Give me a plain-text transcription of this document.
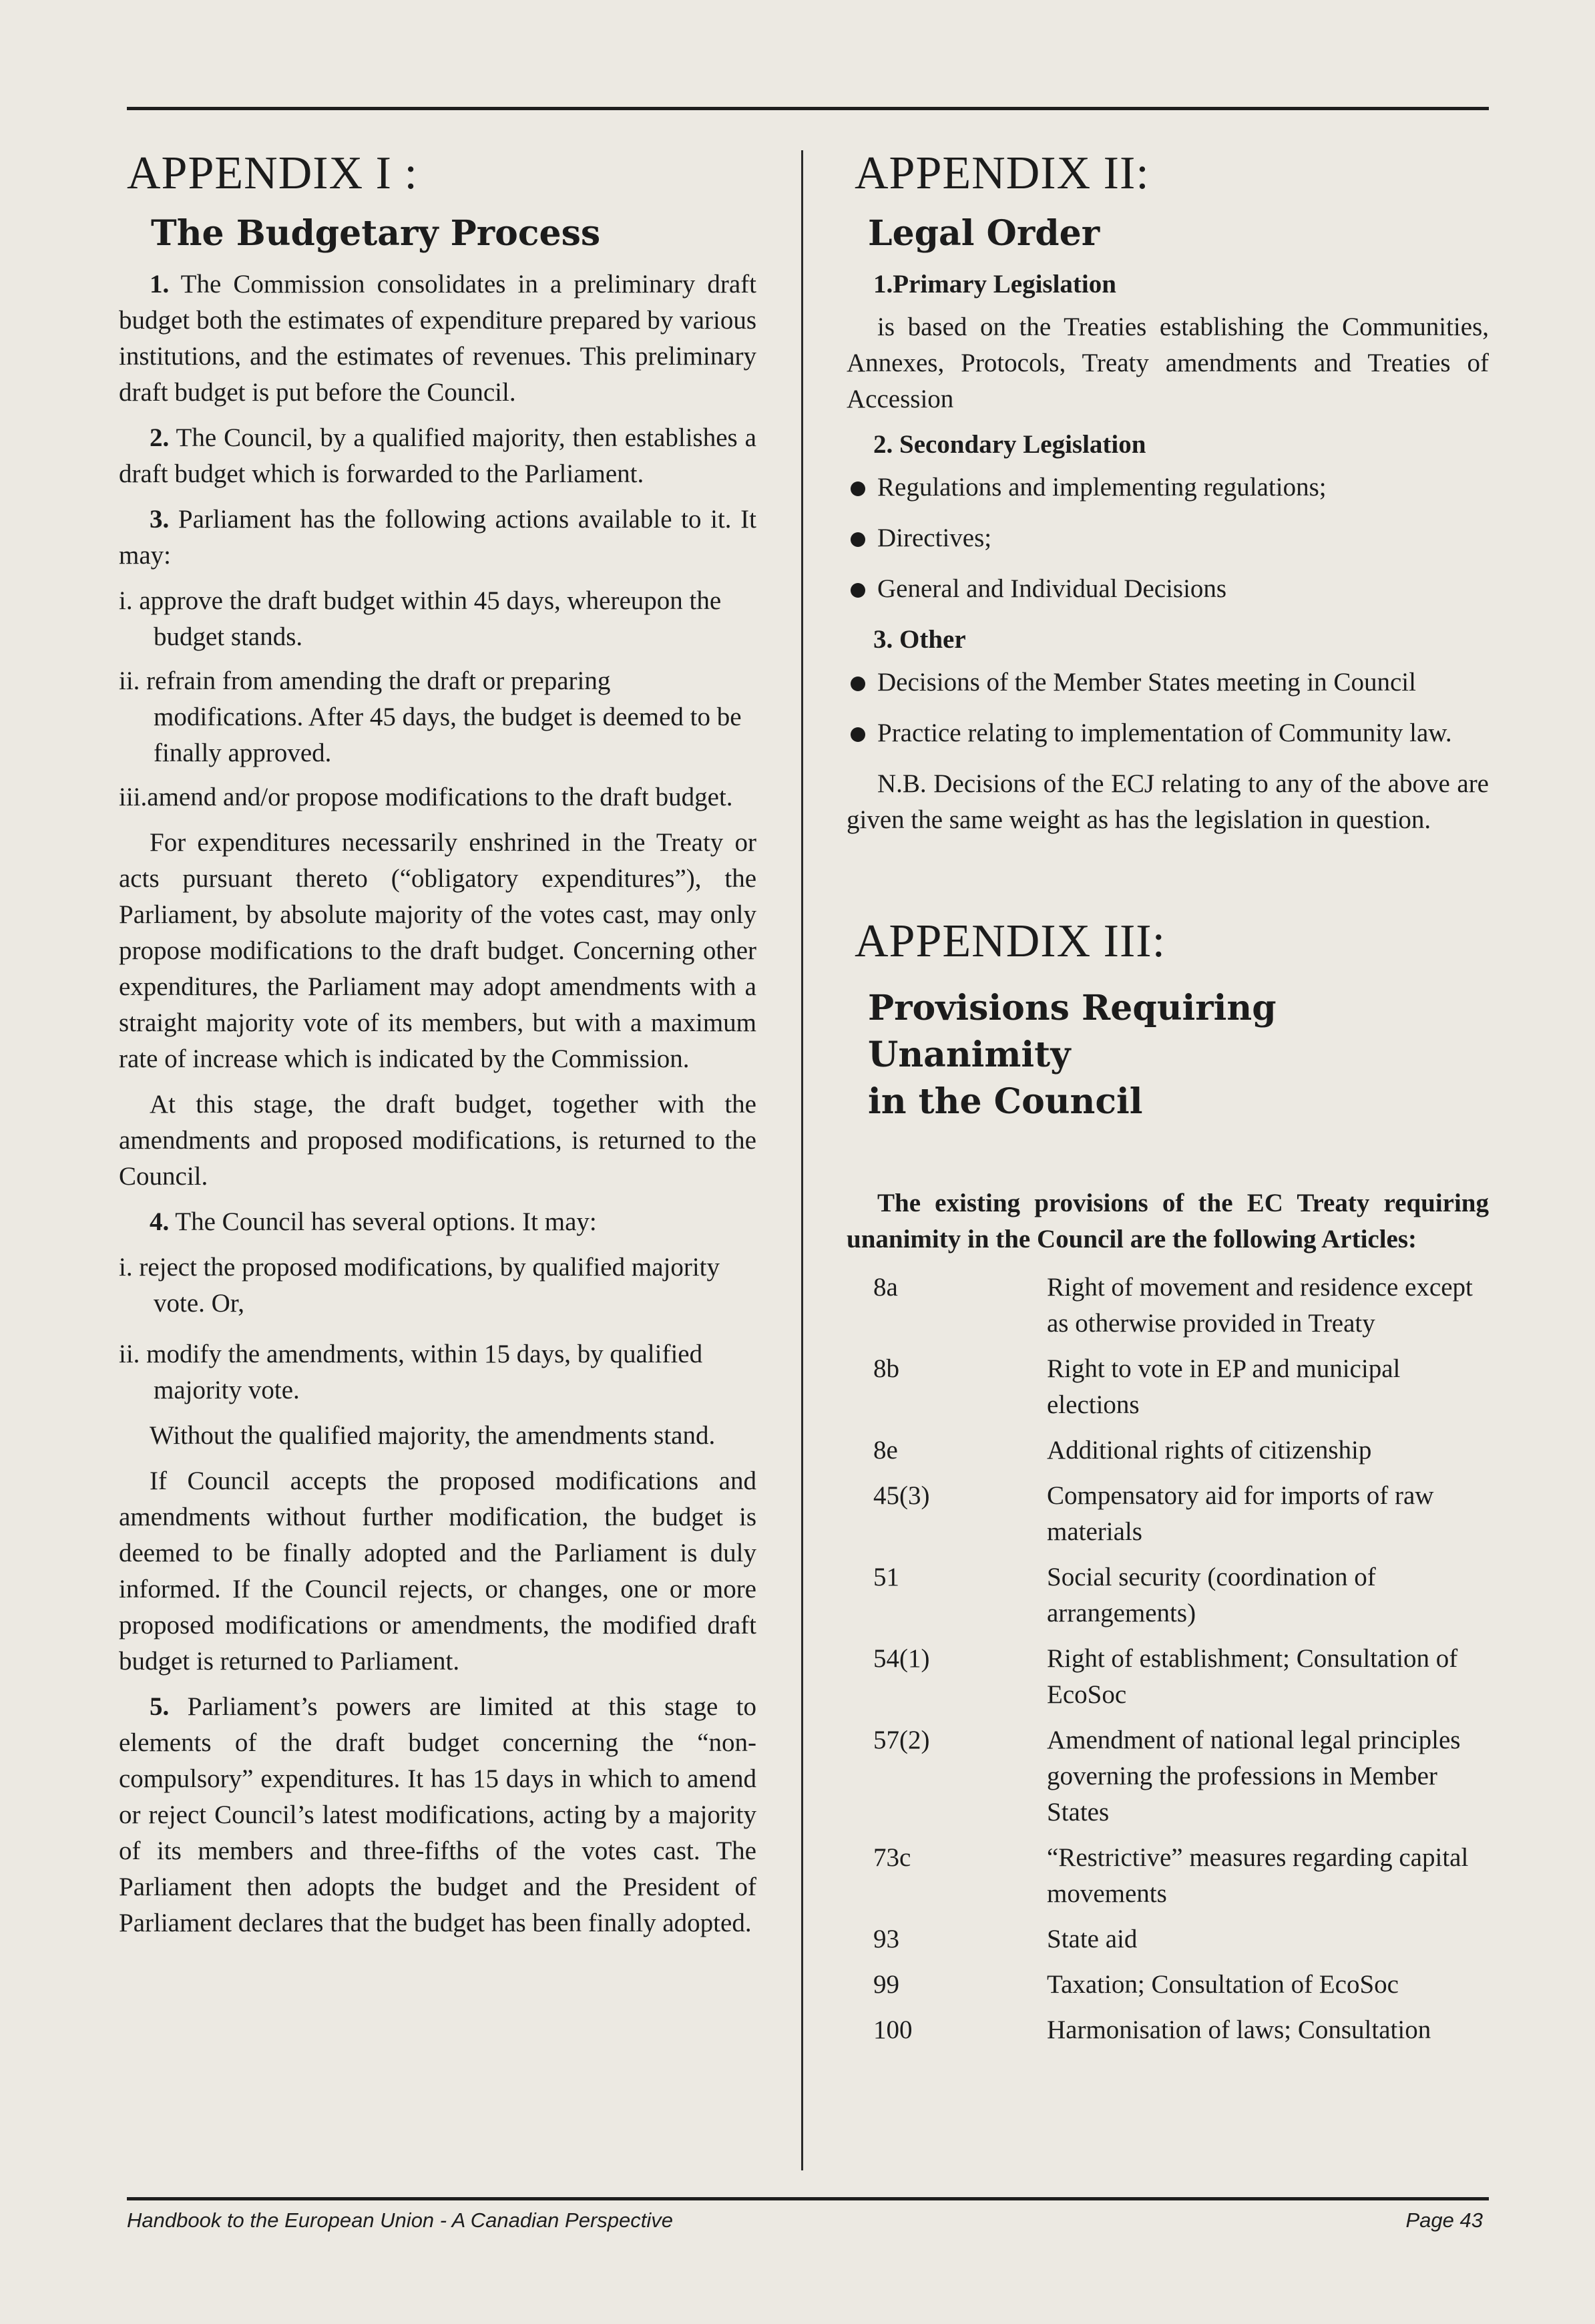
APPENDIX I :
The Budgetary Process

1. The Commission consolidates in a preliminary draft budget both the estimates of expenditure prepared by various institutions, and the estimates of revenues. This preliminary draft budget is put before the Council.

2. The Council, by a qualified majority, then establishes a draft budget which is forwarded to the Parliament.

3. Parliament has the following actions available to it. It may:

i. approve the draft budget within 45 days, whereupon the budget stands.
ii. refrain from amending the draft or preparing modifications. After 45 days, the budget is deemed to be finally approved.
iii.amend and/or propose modifications to the draft budget.

For expenditures necessarily enshrined in the Treaty or acts pursuant thereto (“obligatory expenditures”), the Parliament, by absolute majority of the votes cast, may only propose modifications to the draft budget. Concerning other expenditures, the Parliament may adopt amendments with a straight majority vote of its members, but with a maximum rate of increase which is indicated by the Commission.

At this stage, the draft budget, together with the amendments and proposed modifications, is returned to the Council.

4. The Council has several options. It may:

i. reject the proposed modifications, by qualified majority vote. Or,
ii. modify the amendments, within 15 days, by qualified majority vote.

Without the qualified majority, the amendments stand.

If Council accepts the proposed modifications and amendments without further modification, the budget is deemed to be finally adopted and the Parliament is duly informed. If the Council rejects, or changes, one or more proposed modifications or amendments, the modified draft budget is returned to Parliament.

5. Parliament’s powers are limited at this stage to elements of the draft budget concerning the “non-compulsory” expenditures. It has 15 days in which to amend or reject Council’s latest modifications, acting by a majority of its members and three-fifths of the votes cast. The Parliament then adopts the budget and the President of Parliament declares that the budget has been finally adopted.

APPENDIX II:
Legal Order
1.Primary Legislation

is based on the Treaties establishing the Communities, Annexes, Protocols, Treaty amendments and Treaties of Accession

2. Secondary Legislation
Regulations and implementing regulations;
Directives;
General and Individual Decisions
3. Other
Decisions of the Member States meeting in Council
Practice relating to implementation of Community law.

N.B. Decisions of the ECJ relating to any of the above are given the same weight as has the legislation in question.

APPENDIX III:
Provisions Requiring Unanimity
in the Council

The existing provisions of the EC Treaty requiring unanimity in the Council are the following Articles:

8a	Right of movement and residence except as otherwise provided in Treaty
8b	Right to vote in EP and municipal elections
8e	Additional rights of citizenship
45(3)	Compensatory aid for imports of raw materials
51	Social security (coordination of arrangements)
54(1)	Right of establishment; Consultation of EcoSoc
57(2)	Amendment of national legal principles governing the professions in Member States
73c	“Restrictive” measures regarding capital movements
93	State aid
99	Taxation; Consultation of EcoSoc
100	Harmonisation of laws; Consultation
Handbook to the European Union - A Canadian Perspective	Page 43
